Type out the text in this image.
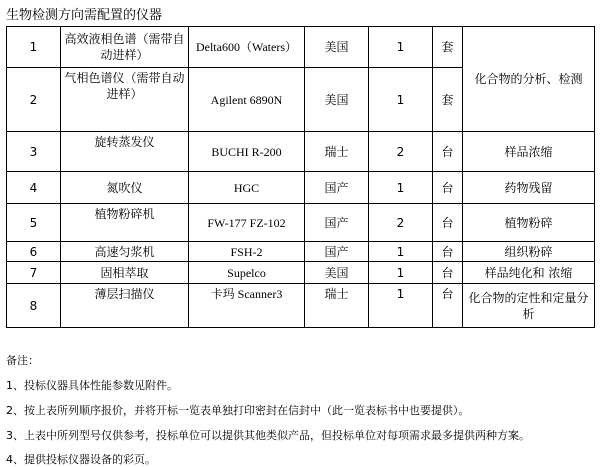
生物检测方向需配置的仪器
1	高效液相色谱（需带自动进样）	Delta600（Waters）	美国	1	套	化合物的分析、检测
2	气相色谱仪（需带自动进样）	Agilent 6890N	美国	1	套	
3	旋转蒸发仪	BUCHI R-200	瑞士	2	台	样品浓缩
4	氮吹仪	HGC	国产	1	台	药物残留
5	植物粉碎机	FW-177 FZ-102	国产	2	台	植物粉碎
6	高速匀浆机	FSH-2	国产	1	台	组织粉碎
7	固相萃取	Supelco	美国	1	台	样品纯化和 浓缩
8	薄层扫描仪	卡玛 Scanner3	瑞士	1	台	化合物的定性和定量分析
备注：
1、投标仪器具体性能参数见附件。
2、按上表所列顺序报价，并将开标一览表单独打印密封在信封中（此一览表标书中也要提供）。
3、上表中所列型号仅供参考，投标单位可以提供其他类似产品，但投标单位对每项需求最多提供两种方案。
4、提供投标仪器设备的彩页。
